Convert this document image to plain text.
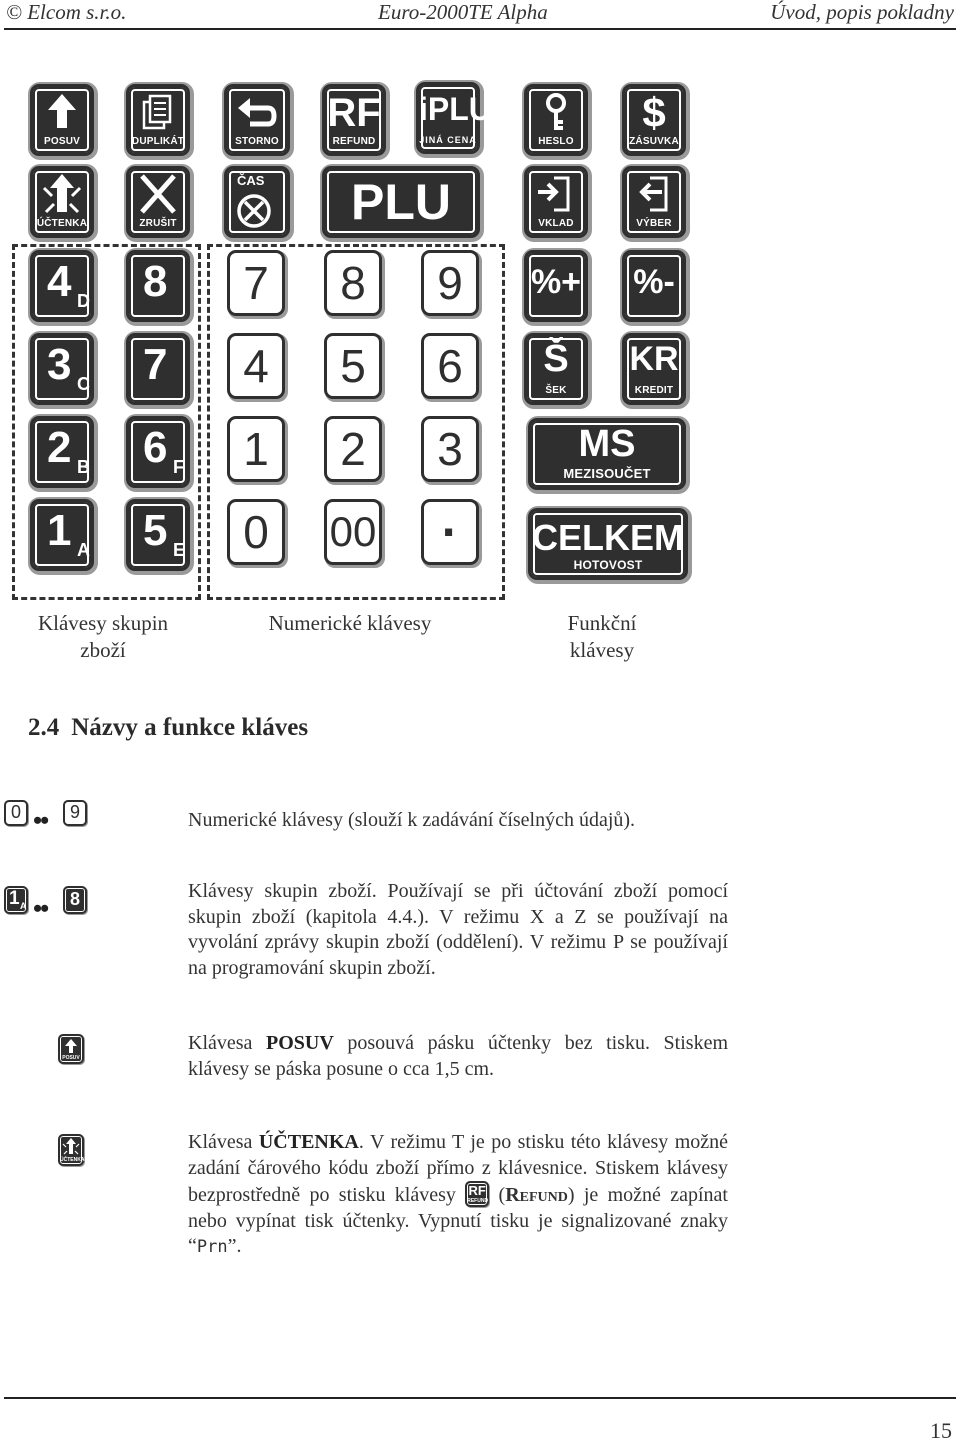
© Elcom s.r.o.	Euro-2000TE Alpha	Úvod, popis pokladny
POSUV	DUPLIKÁT	STORNO
RF
REFUND
iPLU
JINÁ CENA	HESLO
$
ZÁSUVKA
ÚČTENKA	ZRUŠIT
ČAS	PLU	VKLAD	VÝBER
4 D 8
3 C 7
2 B 6 F
1 A 5 E
7 8 9
4 5 6
1 2 3
0	00	·
%+ %-
Š
ŠEK
KR
KREDIT
MS
MEZISOUČET
CELKEM
HOTOVOST
Klávesy skupin
zboží
Numerické klávesy	Funkční
klávesy
2.4 Názvy a funkce kláves
0 •• 9	Numerické klávesy (slouží k zadávání číselných údajů).
1 A •• 8	Klávesy skupin zboží. Používají se při účtování zboží pomocí skupin zboží (kapitola 4.4.). V režimu X a Z se používají na vyvolání zprávy skupin zboží (oddělení). V režimu P se používají na programování skupin zboží.
POSUV
Klávesa POSUV posouvá pásku účtenky bez tisku. Stiskem klávesy se páska posune o cca 1,5 cm.
ÚČTENKA
Klávesa ÚČTENKA. V režimu T je po stisku této klávesy možné zadání čárového kódu zboží přímo z klávesnice. Stiskem klávesy bezprostředně po stisku klávesy RF
REFUND (Refund) je možné zapínat nebo vypínat tisk účtenky. Vypnutí tisku je signalizované znaky “Prn”.
15
